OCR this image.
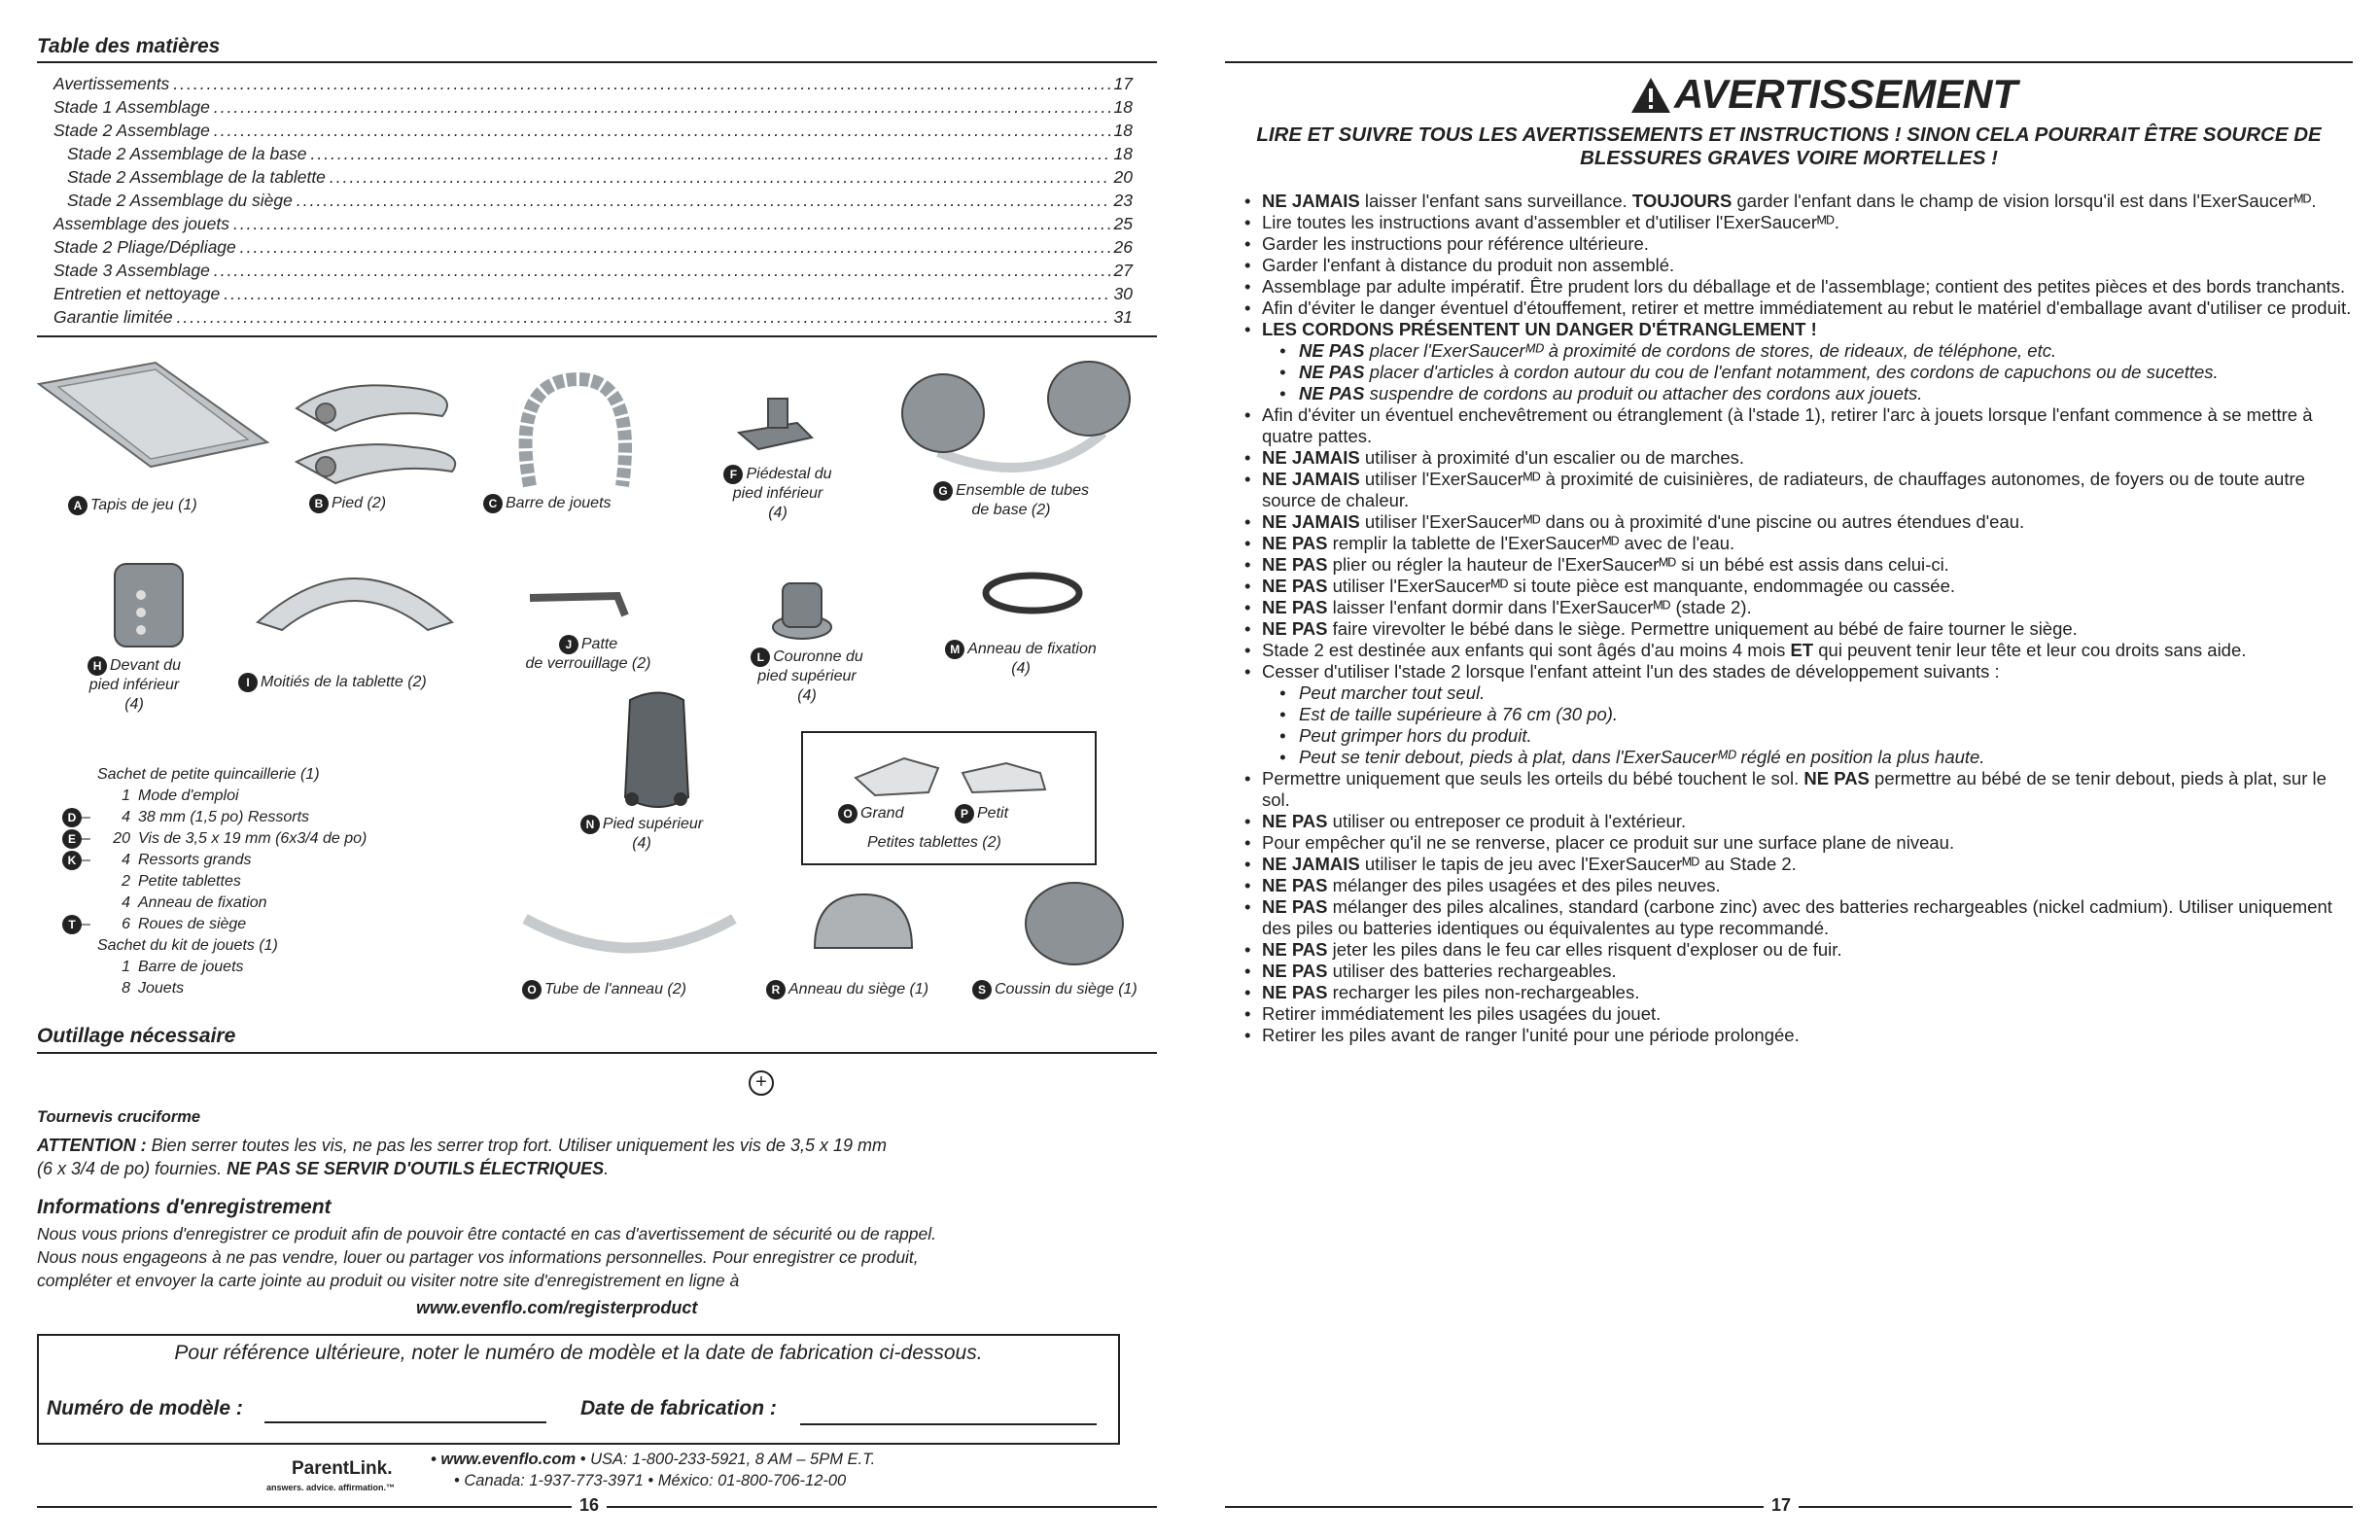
Table des matières
Avertissements .....	17
Stade 1 Assemblage .....	18
Stade 2 Assemblage .....	18
Stade 2 Assemblage de la base .....	18
Stade 2 Assemblage de la tablette .....	20
Stade 2 Assemblage du siège .....	23
Assemblage des jouets .....	25
Stade 2 Pliage/Dépliage .....	26
Stade 3 Assemblage .....	27
Entretien et nettoyage .....	30
Garantie limitée .....	31
A Tapis de jeu (1)	B Pied (2)	C Barre de jouets
F Piédestal du
pied inférieur
(4)
G Ensemble de tubes
de base (2)
H Devant du
pied inférieur
(4)
I Moitiés de la tablette (2)
J Patte
de verrouillage (2)	L Couronne du
pied supérieur
(4)
M Anneau de fixation
(4)
N Pied supérieur
(4)
O Grand	P Petit
Petites tablettes (2)
O Tube de l'anneau (2)	R Anneau du siège (1)	S Coussin du siège (1)
Sachet de petite quincaillerie (1)
1 Mode d'emploi
D – 4 38 mm (1,5 po) Ressorts
E – 20 Vis de 3,5 x 19 mm (6x3/4 de po)
K – 4 Ressorts grands
2 Petite tablettes
4 Anneau de fixation
T – 6 Roues de siège
Sachet du kit de jouets (1)
1 Barre de jouets
8 Jouets
Outillage nécessaire
+
Tournevis cruciforme
ATTENTION : Bien serrer toutes les vis, ne pas les serrer trop fort. Utiliser uniquement les vis de 3,5 x 19 mm
(6 x 3/4 de po) fournies. NE PAS SE SERVIR D'OUTILS ÉLECTRIQUES.
Informations d'enregistrement
Nous vous prions d'enregistrer ce produit afin de pouvoir être contacté en cas d'avertissement de sécurité ou de rappel.
Nous nous engageons à ne pas vendre, louer ou partager vos informations personnelles. Pour enregistrer ce produit,
compléter et envoyer la carte jointe au produit ou visiter notre site d'enregistrement en ligne à
www.evenflo.com/registerproduct
Pour référence ultérieure, noter le numéro de modèle et la date de fabrication ci-dessous.
Numéro de modèle :	Date de fabrication :
ParentLink.
answers. advice. affirmation.™
• www.evenflo.com • USA: 1-800-233-5921, 8 AM – 5PM E.T.
• Canada: 1-937-773-3971 • México: 01-800-706-12-00
16
AVERTISSEMENT
LIRE ET SUIVRE TOUS LES AVERTISSEMENTS ET INSTRUCTIONS ! SINON CELA POURRAIT ÊTRE SOURCE DE
BLESSURES GRAVES VOIRE MORTELLES !
• NE JAMAIS laisser l'enfant sans surveillance. TOUJOURS garder l'enfant dans le champ de vision lorsqu'il est dans l'ExerSaucerᴹᴰ.
• Lire toutes les instructions avant d'assembler et d'utiliser l'ExerSaucerᴹᴰ.
• Garder les instructions pour référence ultérieure.
• Garder l'enfant à distance du produit non assemblé.
• Assemblage par adulte impératif. Être prudent lors du déballage et de l'assemblage; contient des petites pièces et des bords tranchants.
• Afin d'éviter le danger éventuel d'étouffement, retirer et mettre immédiatement au rebut le matériel d'emballage avant d'utiliser ce produit.
• LES CORDONS PRÉSENTENT UN DANGER D'ÉTRANGLEMENT !
• NE PAS placer l'ExerSaucerᴹᴰ à proximité de cordons de stores, de rideaux, de téléphone, etc.
• NE PAS placer d'articles à cordon autour du cou de l'enfant notamment, des cordons de capuchons ou de sucettes.
• NE PAS suspendre de cordons au produit ou attacher des cordons aux jouets.
• Afin d'éviter un éventuel enchevêtrement ou étranglement (à l'stade 1), retirer l'arc à jouets lorsque l'enfant commence à se mettre à quatre pattes.
• NE JAMAIS utiliser à proximité d'un escalier ou de marches.
• NE JAMAIS utiliser l'ExerSaucerᴹᴰ à proximité de cuisinières, de radiateurs, de chauffages autonomes, de foyers ou de toute autre source de chaleur.
• NE JAMAIS utiliser l'ExerSaucerᴹᴰ dans ou à proximité d'une piscine ou autres étendues d'eau.
• NE PAS remplir la tablette de l'ExerSaucerᴹᴰ avec de l'eau.
• NE PAS plier ou régler la hauteur de l'ExerSaucerᴹᴰ si un bébé est assis dans celui-ci.
• NE PAS utiliser l'ExerSaucerᴹᴰ si toute pièce est manquante, endommagée ou cassée.
• NE PAS laisser l'enfant dormir dans l'ExerSaucerᴹᴰ (stade 2).
• NE PAS faire virevolter le bébé dans le siège. Permettre uniquement au bébé de faire tourner le siège.
• Stade 2 est destinée aux enfants qui sont âgés d'au moins 4 mois ET qui peuvent tenir leur tête et leur cou droits sans aide.
• Cesser d'utiliser l'stade 2 lorsque l'enfant atteint l'un des stades de développement suivants :
• Peut marcher tout seul.
• Est de taille supérieure à 76 cm (30 po).
• Peut grimper hors du produit.
• Peut se tenir debout, pieds à plat, dans l'ExerSaucerᴹᴰ réglé en position la plus haute.
• Permettre uniquement que seuls les orteils du bébé touchent le sol. NE PAS permettre au bébé de se tenir debout, pieds à plat, sur le sol.
• NE PAS utiliser ou entreposer ce produit à l'extérieur.
• Pour empêcher qu'il ne se renverse, placer ce produit sur une surface plane de niveau.
• NE JAMAIS utiliser le tapis de jeu avec l'ExerSaucerᴹᴰ au Stade 2.
• NE PAS mélanger des piles usagées et des piles neuves.
• NE PAS mélanger des piles alcalines, standard (carbone zinc) avec des batteries rechargeables (nickel cadmium). Utiliser uniquement des piles ou batteries identiques ou équivalentes au type recommandé.
• NE PAS jeter les piles dans le feu car elles risquent d'exploser ou de fuir.
• NE PAS utiliser des batteries rechargeables.
• NE PAS recharger les piles non-rechargeables.
• Retirer immédiatement les piles usagées du jouet.
• Retirer les piles avant de ranger l'unité pour une période prolongée.
17
